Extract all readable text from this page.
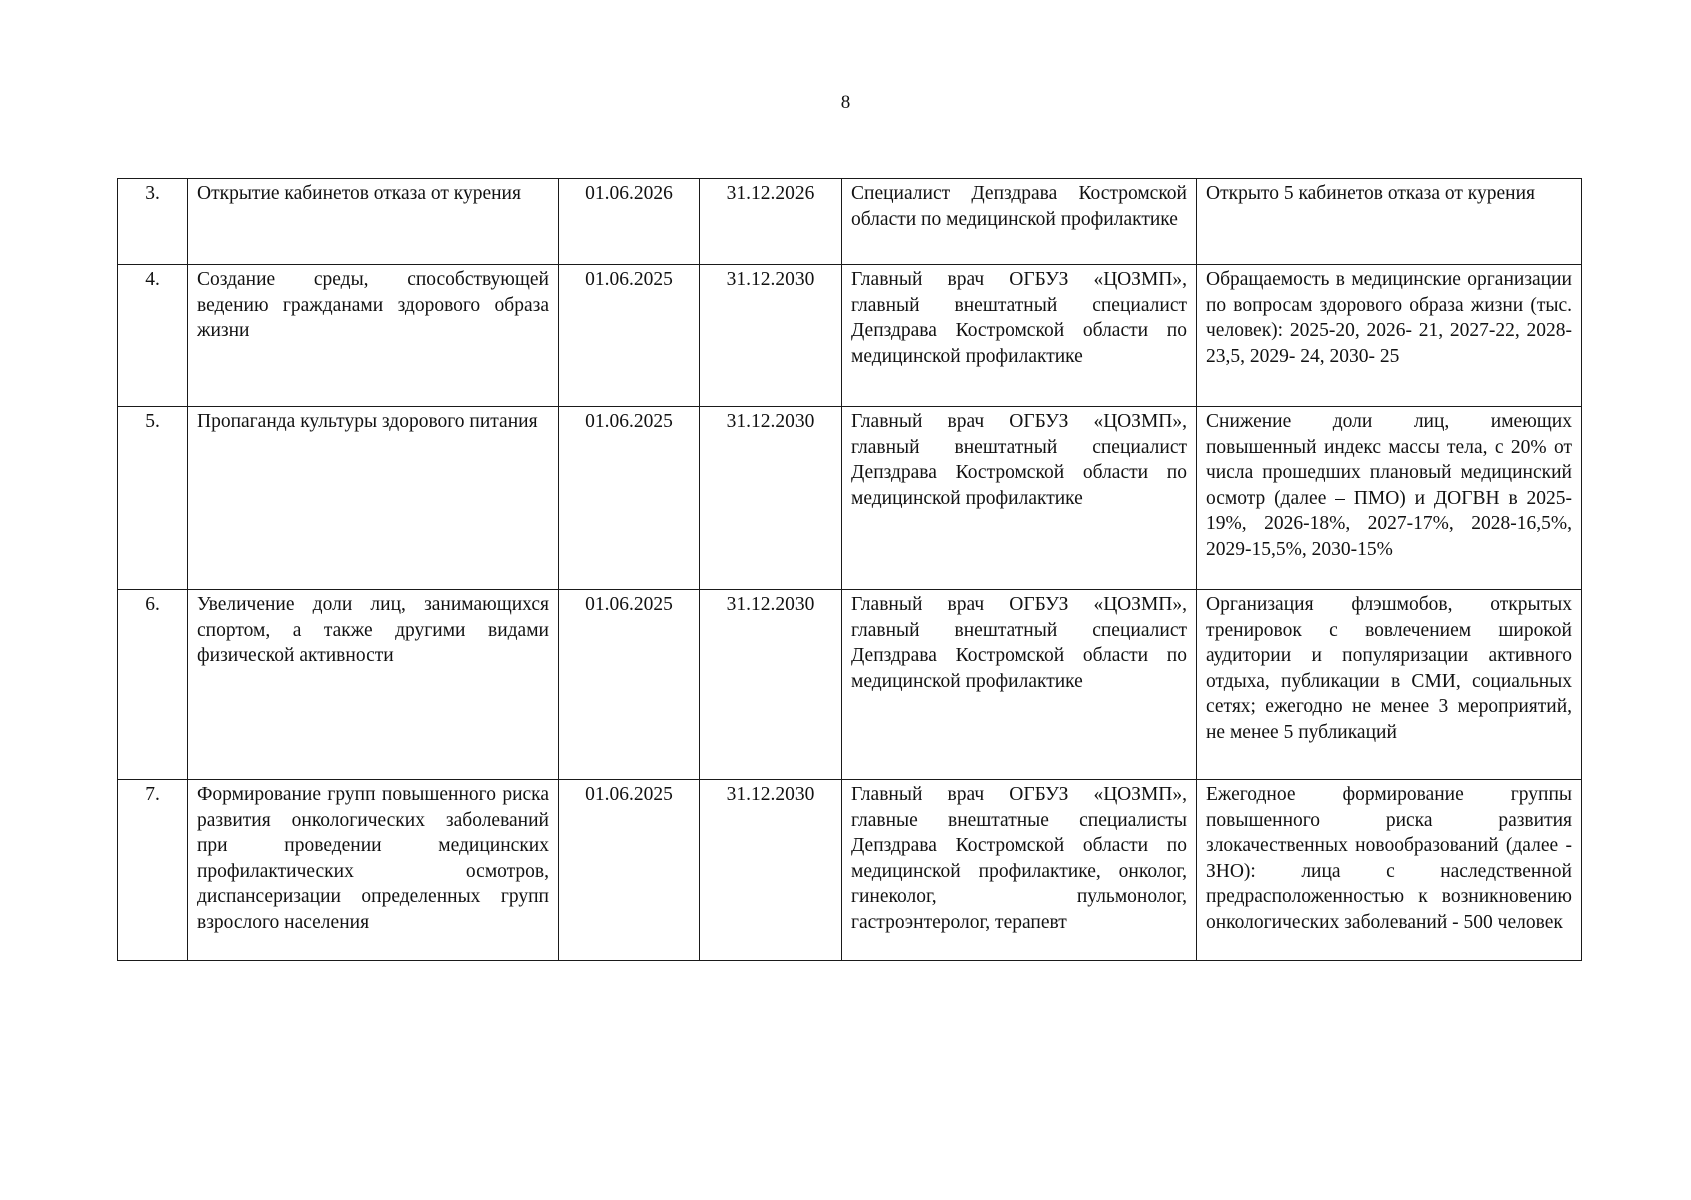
8
3.	Открытие кабинетов отказа от курения	01.06.2026	31.12.2026	Специалист Депздрава Костромской области по медицинской профилактике	Открыто 5 кабинетов отказа от курения
4.	Создание среды, способствующей ведению гражданами здорового образа жизни	01.06.2025	31.12.2030	Главный врач ОГБУЗ «ЦОЗМП», главный внештатный специалист Депздрава Костромской области по медицинской профилактике	Обращаемость в медицинские организации по вопросам здорового образа жизни (тыс. человек): 2025-20, 2026- 21, 2027-22, 2028-23,5, 2029- 24, 2030- 25
5.	Пропаганда культуры здорового питания	01.06.2025	31.12.2030	Главный врач ОГБУЗ «ЦОЗМП», главный внештатный специалист Депздрава Костромской области по медицинской профилактике	Снижение доли лиц, имеющих повышенный индекс массы тела, с 20% от числа прошедших плановый медицинский осмотр (далее – ПМО) и ДОГВН в 2025-19%, 2026-18%, 2027-17%, 2028-16,5%, 2029-15,5%, 2030-15%
6.	Увеличение доли лиц, занимающихся спортом, а также другими видами физической активности	01.06.2025	31.12.2030	Главный врач ОГБУЗ «ЦОЗМП», главный внештатный специалист Депздрава Костромской области по медицинской профилактике	Организация флэшмобов, открытых тренировок с вовлечением широкой аудитории и популяризации активного отдыха, публикации в СМИ, социальных сетях; ежегодно не менее 3 мероприятий, не менее 5 публикаций
7.	Формирование групп повышенного риска развития онкологических заболеваний при проведении медицинских профилактических осмотров, диспансеризации определенных групп взрослого населения	01.06.2025	31.12.2030	Главный врач ОГБУЗ «ЦОЗМП», главные внештатные специалисты Депздрава Костромской области по медицинской профилактике, онколог, гинеколог, пульмонолог, гастроэнтеролог, терапевт	Ежегодное формирование группы повышенного риска развития злокачественных новообразований (далее - ЗНО): лица с наследственной предрасположенностью к возникновению онкологических заболеваний - 500 человек
